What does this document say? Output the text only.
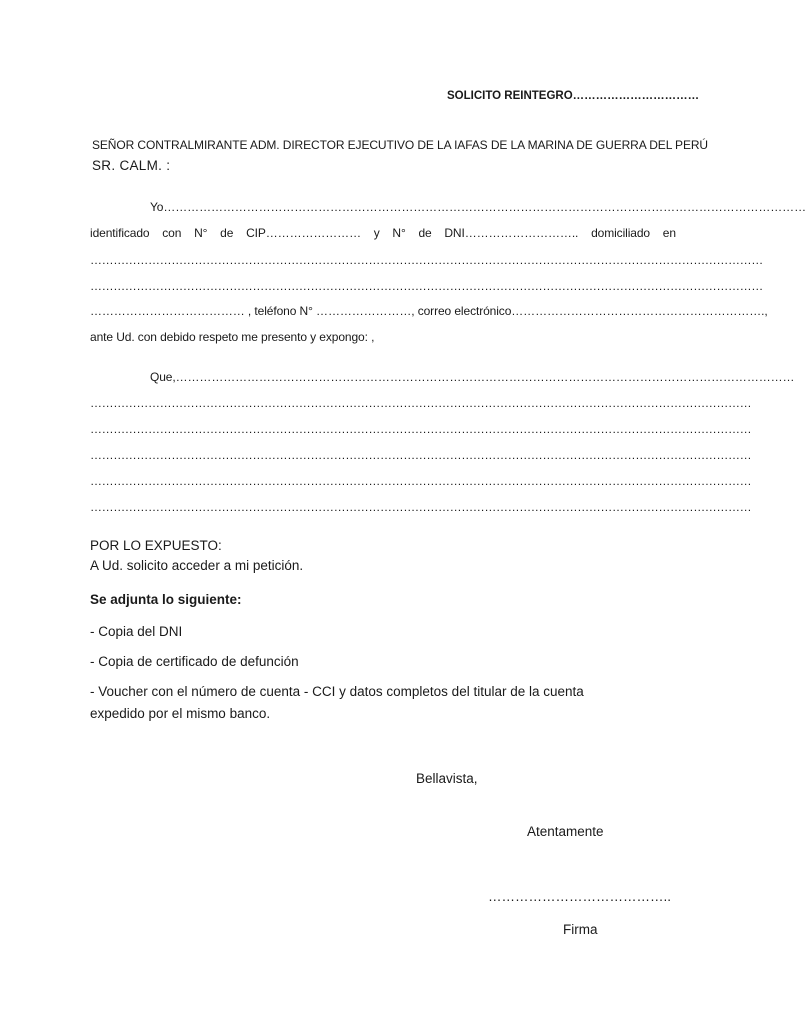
SOLICITO REINTEGRO……………………………
SEÑOR CONTRALMIRANTE ADM. DIRECTOR EJECUTIVO DE LA IAFAS DE LA MARINA DE GUERRA DEL PERÚ
SR. CALM. :
Yo………………………………………………………………………………………………………………………………………………
identificado con N° de CIP…………………… y N° de DNI……………………….. domiciliado en
…………………………………………………………………………………………………………………………………………………………
…………………………………………………………………………………………………………………………………………………………
………………………………… , teléfono N° ……………………, correo electrónico……………………………………………………….,
ante Ud. con debido respeto me presento y expongo: ,
Que,…………………………………………………………………………………………………………………………………………
………………………………………………………………………………………………………………………………………………………
………………………………………………………………………………………………………………………………………………………
………………………………………………………………………………………………………………………………………………………
………………………………………………………………………………………………………………………………………………………
………………………………………………………………………………………………………………………………………………………
POR LO EXPUESTO:
A Ud. solicito acceder a mi petición.
Se adjunta lo siguiente:
- Copia del DNI
- Copia de certificado de defunción
- Voucher con el número de cuenta - CCI y datos completos del titular de la cuenta
expedido por el mismo banco.
Bellavista,
Atentamente
…………………………………..
Firma
